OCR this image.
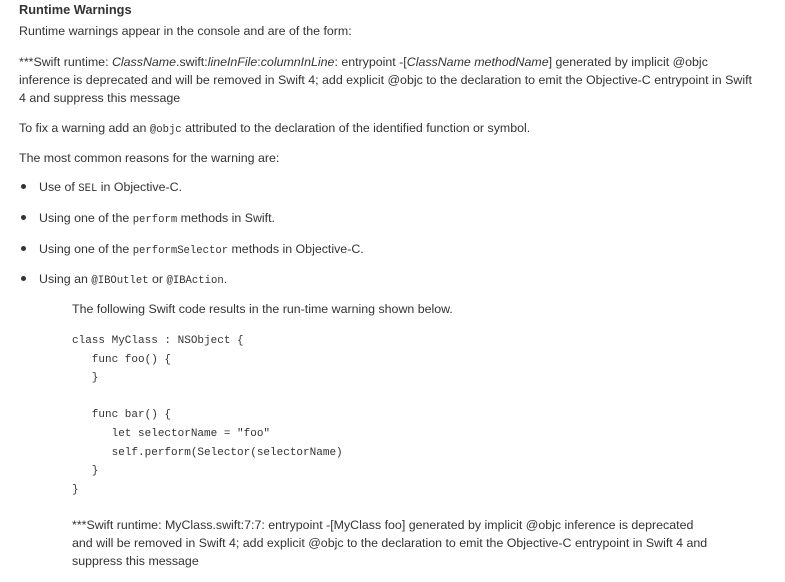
Runtime Warnings

Runtime warnings appear in the console and are of the form:

***Swift runtime: ClassName.swift:lineInFile:columnInLine: entrypoint -[ClassName methodName] generated by implicit @objc inference is deprecated and will be removed in Swift 4; add explicit @objc to the declaration to emit the Objective-C entrypoint in Swift 4 and suppress this message

To fix a warning add an @objc attributed to the declaration of the identified function or symbol.

The most common reasons for the warning are:

Use of SEL in Objective-C.
Using one of the perform methods in Swift.
Using one of the performSelector methods in Objective-C.
Using an @IBOutlet or @IBAction.

The following Swift code results in the run-time warning shown below.

class MyClass : NSObject {
func foo() {
}

func bar() {
let selectorName = "foo"
self.perform(Selector(selectorName)
}
}

***Swift runtime: MyClass.swift:7:7: entrypoint -[MyClass foo] generated by implicit @objc inference is deprecated and will be removed in Swift 4; add explicit @objc to the declaration to emit the Objective-C entrypoint in Swift 4 and suppress this message
